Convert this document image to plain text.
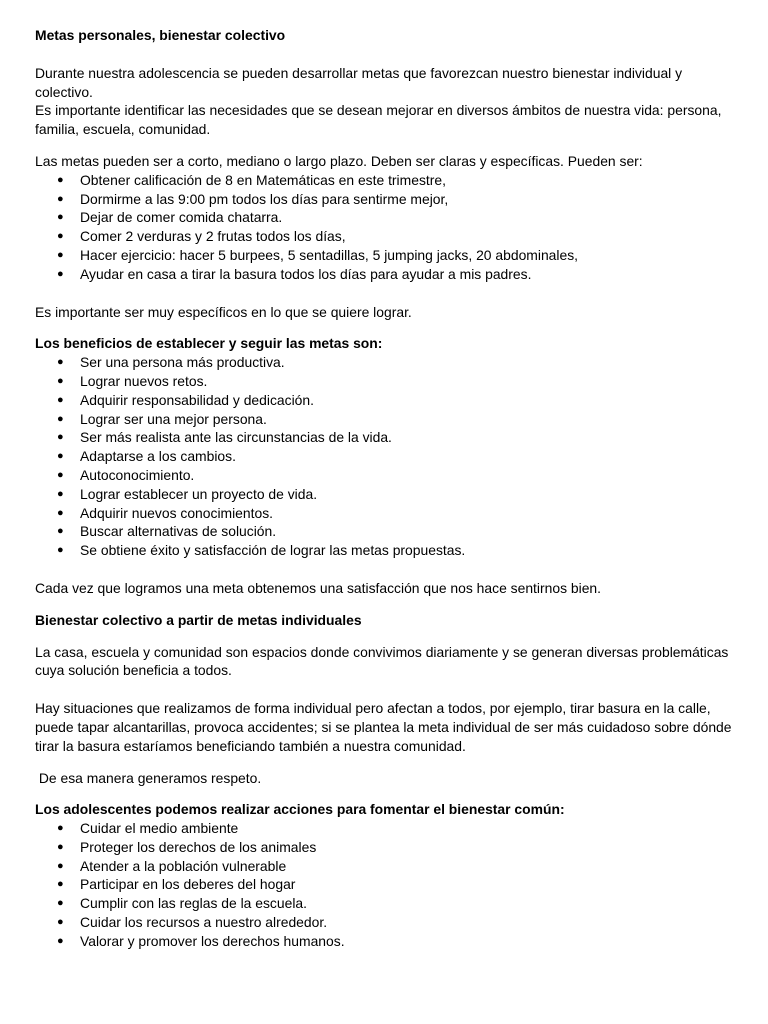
Metas personales, bienestar colectivo

Durante nuestra adolescencia se pueden desarrollar metas que favorezcan nuestro bienestar individual y colectivo.

Es importante identificar las necesidades que se desean mejorar en diversos ámbitos de nuestra vida: persona, familia, escuela, comunidad.

Las metas pueden ser a corto, mediano o largo plazo. Deben ser claras y específicas. Pueden ser:

● Obtener calificación de 8 en Matemáticas en este trimestre,
● Dormirme a las 9:00 pm todos los días para sentirme mejor,
● Dejar de comer comida chatarra.
● Comer 2 verduras y 2 frutas todos los días,
● Hacer ejercicio: hacer 5 burpees, 5 sentadillas, 5 jumping jacks, 20 abdominales,
● Ayudar en casa a tirar la basura todos los días para ayudar a mis padres.

Es importante ser muy específicos en lo que se quiere lograr.

Los beneficios de establecer y seguir las metas son:

● Ser una persona más productiva.
● Lograr nuevos retos.
● Adquirir responsabilidad y dedicación.
● Lograr ser una mejor persona.
● Ser más realista ante las circunstancias de la vida.
● Adaptarse a los cambios.
● Autoconocimiento.
● Lograr establecer un proyecto de vida.
● Adquirir nuevos conocimientos.
● Buscar alternativas de solución.
● Se obtiene éxito y satisfacción de lograr las metas propuestas.

Cada vez que logramos una meta obtenemos una satisfacción que nos hace sentirnos bien.

Bienestar colectivo a partir de metas individuales

La casa, escuela y comunidad son espacios donde convivimos diariamente y se generan diversas problemáticas cuya solución beneficia a todos.

Hay situaciones que realizamos de forma individual pero afectan a todos, por ejemplo, tirar basura en la calle, puede tapar alcantarillas, provoca accidentes; si se plantea la meta individual de ser más cuidadoso sobre dónde tirar la basura estaríamos beneficiando también a nuestra comunidad.

De esa manera generamos respeto.

Los adolescentes podemos realizar acciones para fomentar el bienestar común:

● Cuidar el medio ambiente
● Proteger los derechos de los animales
● Atender a la población vulnerable
● Participar en los deberes del hogar
● Cumplir con las reglas de la escuela.
● Cuidar los recursos a nuestro alrededor.
● Valorar y promover los derechos humanos.
